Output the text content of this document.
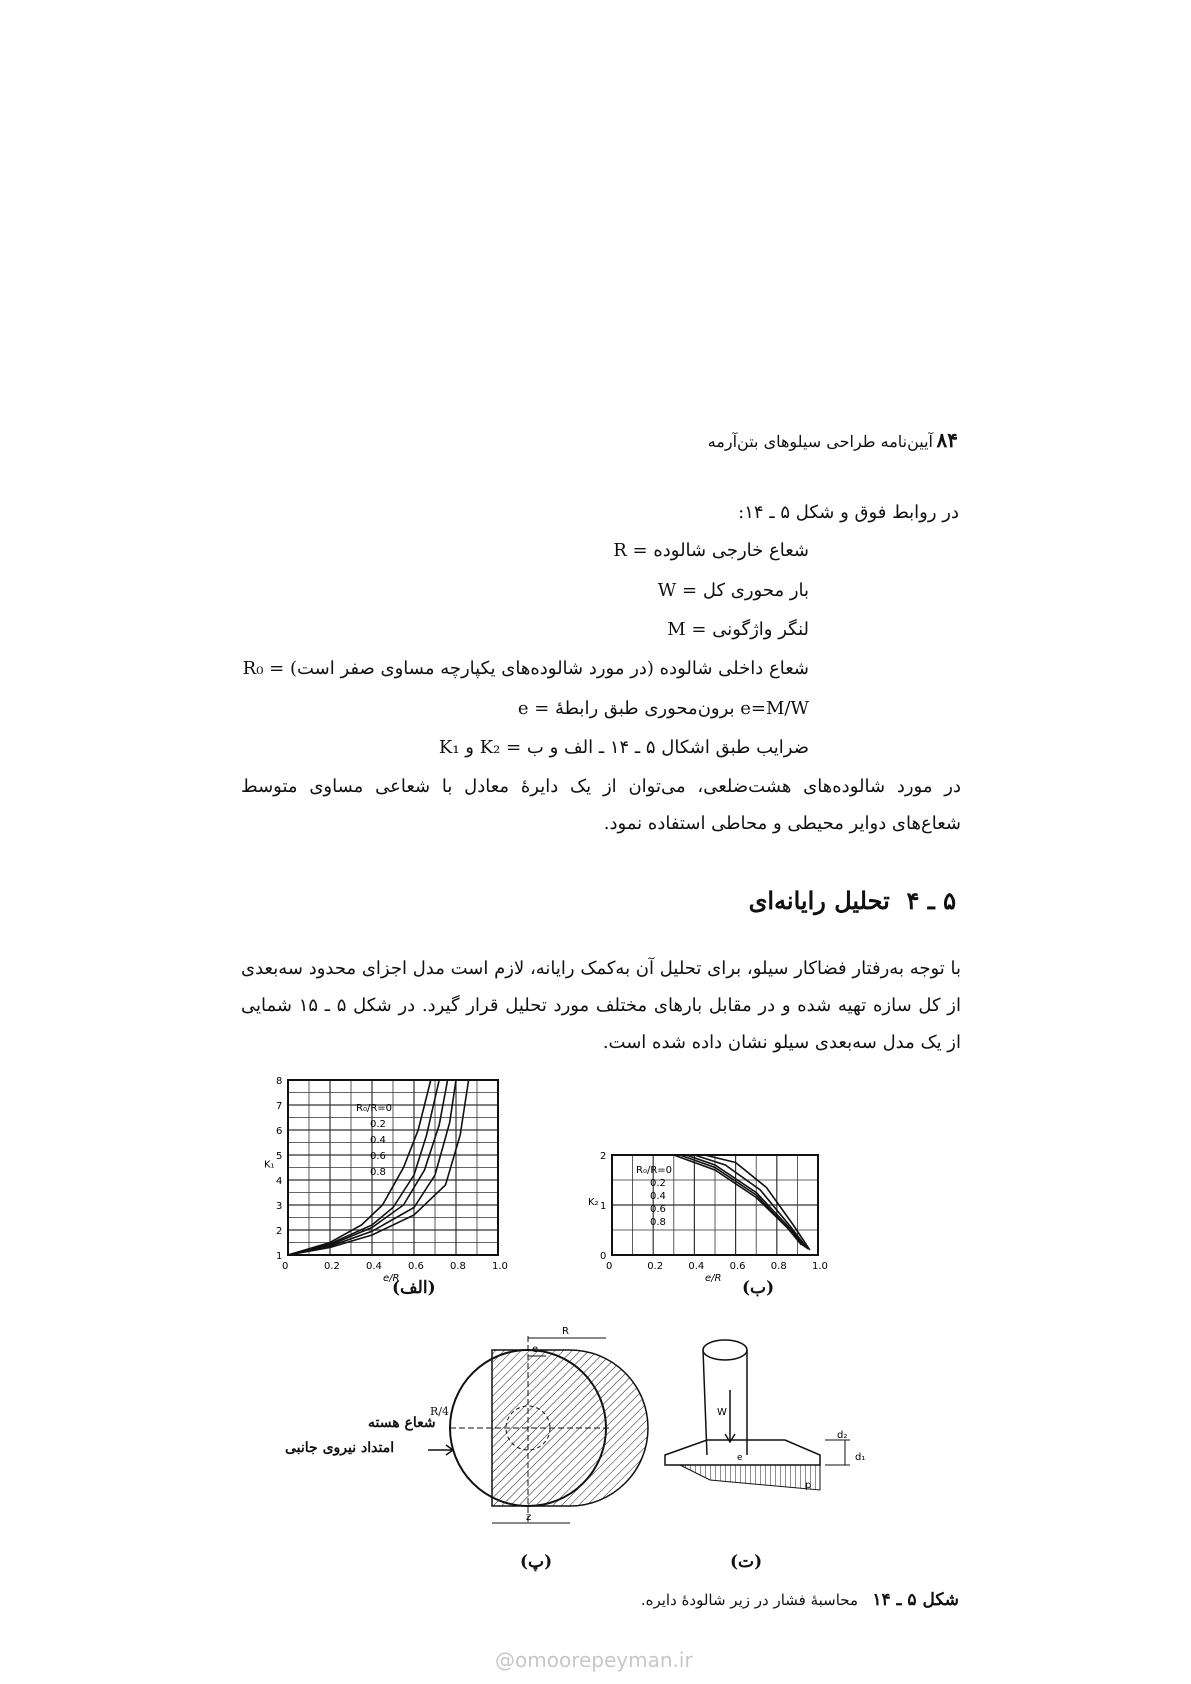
آیین‌نامه طراحی سیلوهای بتن‌آرمه ۸۴
در روابط فوق و شکل ۵ ـ ۱۴:
R = شعاع خارجی شالوده
W = بار محوری کل
M = لنگر واژگونی
R₀ = شعاع داخلی شالوده (در مورد شالوده‌های یکپارچه مساوی صفر است)
e = برون‌محوری طبق رابطهٔ e=M/W
K₁ و K₂ = ضرایب طبق اشکال ۵ ـ ۱۴ ـ الف و ب
در مورد شالوده‌های هشت‌ضلعی، می‌توان از یک دایرهٔ معادل با شعاعی مساوی متوسط شعاع‌های دوایر محیطی و محاطی استفاده نمود.
۵ ـ ۴  تحلیل رایانه‌ای
با توجه به‌رفتار فضاکار سیلو، برای تحلیل آن به‌کمک رایانه، لازم است مدل اجزای محدود سه‌بعدی از کل سازه تهیه شده و در مقابل بارهای مختلف مورد تحلیل قرار گیرد. در شکل ۵ ـ ۱۵ شمایی از یک مدل سه‌بعدی سیلو نشان داده شده است.
0	0.2	0.4	0.6	0.8	1.0
1
2
3
4
5
6
7
8
e/R
K₁
R₀/R=0
0.2
0.4
0.6
0.8
(الف)
0	0.2	0.4	0.6	0.8	1.0
0
1
2
e/R
K₂
R₀/R=0
0.2
0.4
0.6
0.8
(ب)
R
e
z
(پ)
شعاع هسته
R/4
امتداد نیروی جانبی
W
e
p
d₂
d₁
(ت)
شکل ۵ ـ ۱۴   محاسبهٔ فشار در زیر شالودهٔ دایره.
@omoorepeyman.ir
